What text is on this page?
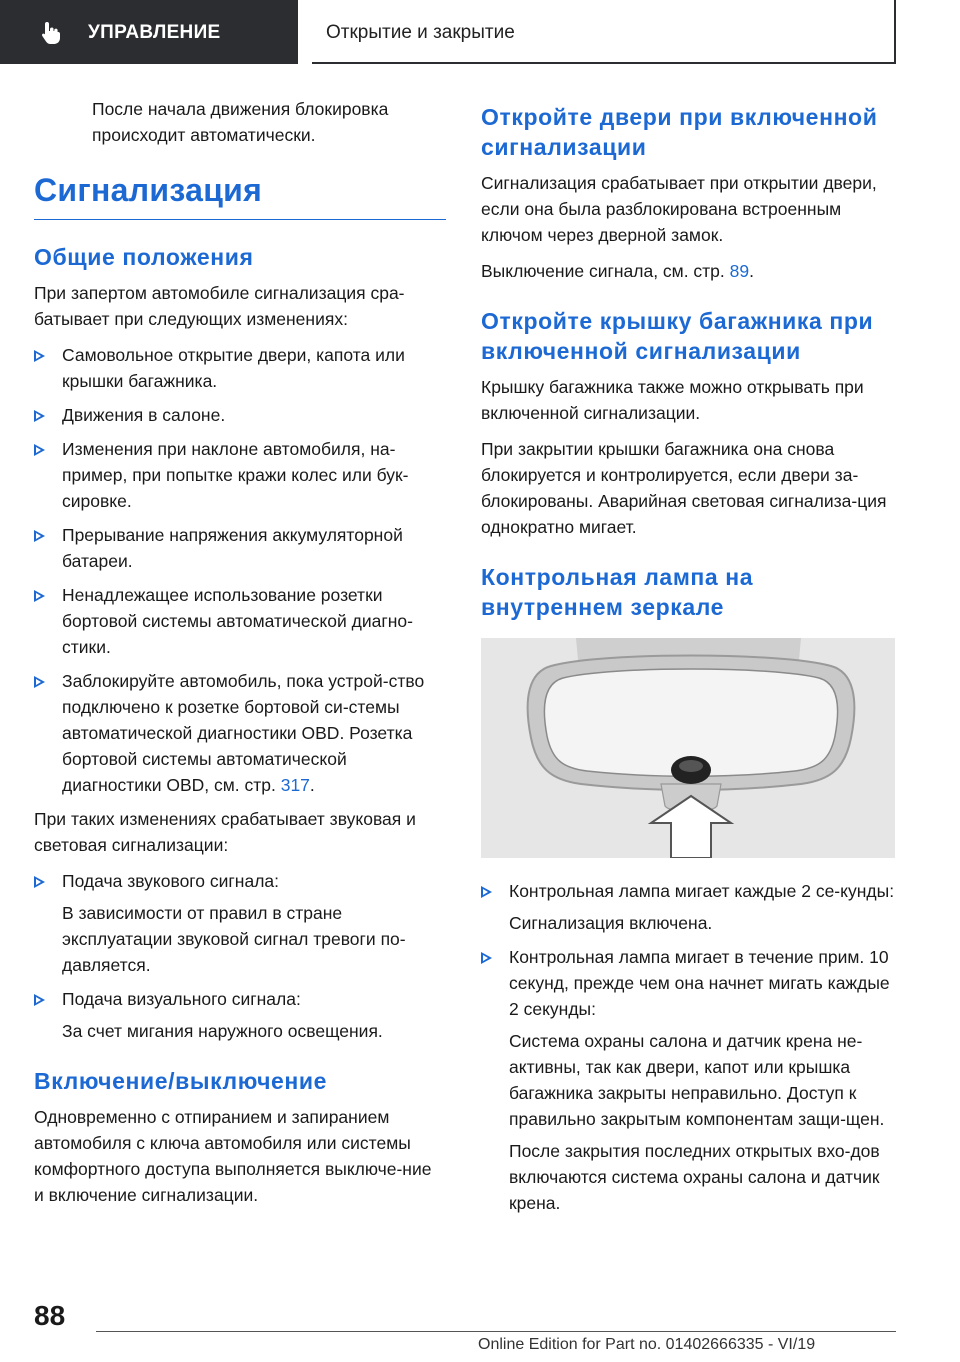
УПРАВЛЕНИЕ	Открытие и закрытие

После начала движения блокировка происходит автоматически.

Сигнализация
Общие положения

При запертом автомобиле сигнализация сра-батывает при следующих изменениях:

Самовольное открытие двери, капота или крышки багажника.
Движения в салоне.
Изменения при наклоне автомобиля, на-пример, при попытке кражи колес или бук-сировке.
Прерывание напряжения аккумуляторной батареи.
Ненадлежащее использование розетки бортовой системы автоматической диагно-стики.
Заблокируйте автомобиль, пока устрой-ство подключено к розетке бортовой си-стемы автоматической диагностики OBD. Розетка бортовой системы автоматической диагностики OBD, см. стр. 317.

При таких изменениях срабатывает звуковая и световая сигнализации:

Подача звукового сигнала:

В зависимости от правил в стране эксплуатации звуковой сигнал тревоги по-давляется.

Подача визуального сигнала:

За счет мигания наружного освещения.

Включение/выключение

Одновременно с отпиранием и запиранием автомобиля с ключа автомобиля или системы комфортного доступа выполняется выключе-ние и включение сигнализации.

Откройте двери при включенной сигнализации

Сигнализация срабатывает при открытии двери, если она была разблокирована встроенным ключом через дверной замок.

Выключение сигнала, см. стр. 89.

Откройте крышку багажника при включенной сигнализации

Крышку багажника также можно открывать при включенной сигнализации.

При закрытии крышки багажника она снова блокируется и контролируется, если двери за-блокированы. Аварийная световая сигнализа-ция однократно мигает.

Контрольная лампа на внутреннем зеркале
Контрольная лампа мигает каждые 2 се-кунды:

Сигнализация включена.

Контрольная лампа мигает в течение прим. 10 секунд, прежде чем она начнет мигать каждые 2 секунды:

Система охраны салона и датчик крена не-активны, так как двери, капот или крышка багажника закрыты неправильно. Доступ к правильно закрытым компонентам защи-щен.

После закрытия последних открытых вхо-дов включаются система охраны салона и датчик крена.

88
Online Edition for Part no. 01402666335 - VI/19
